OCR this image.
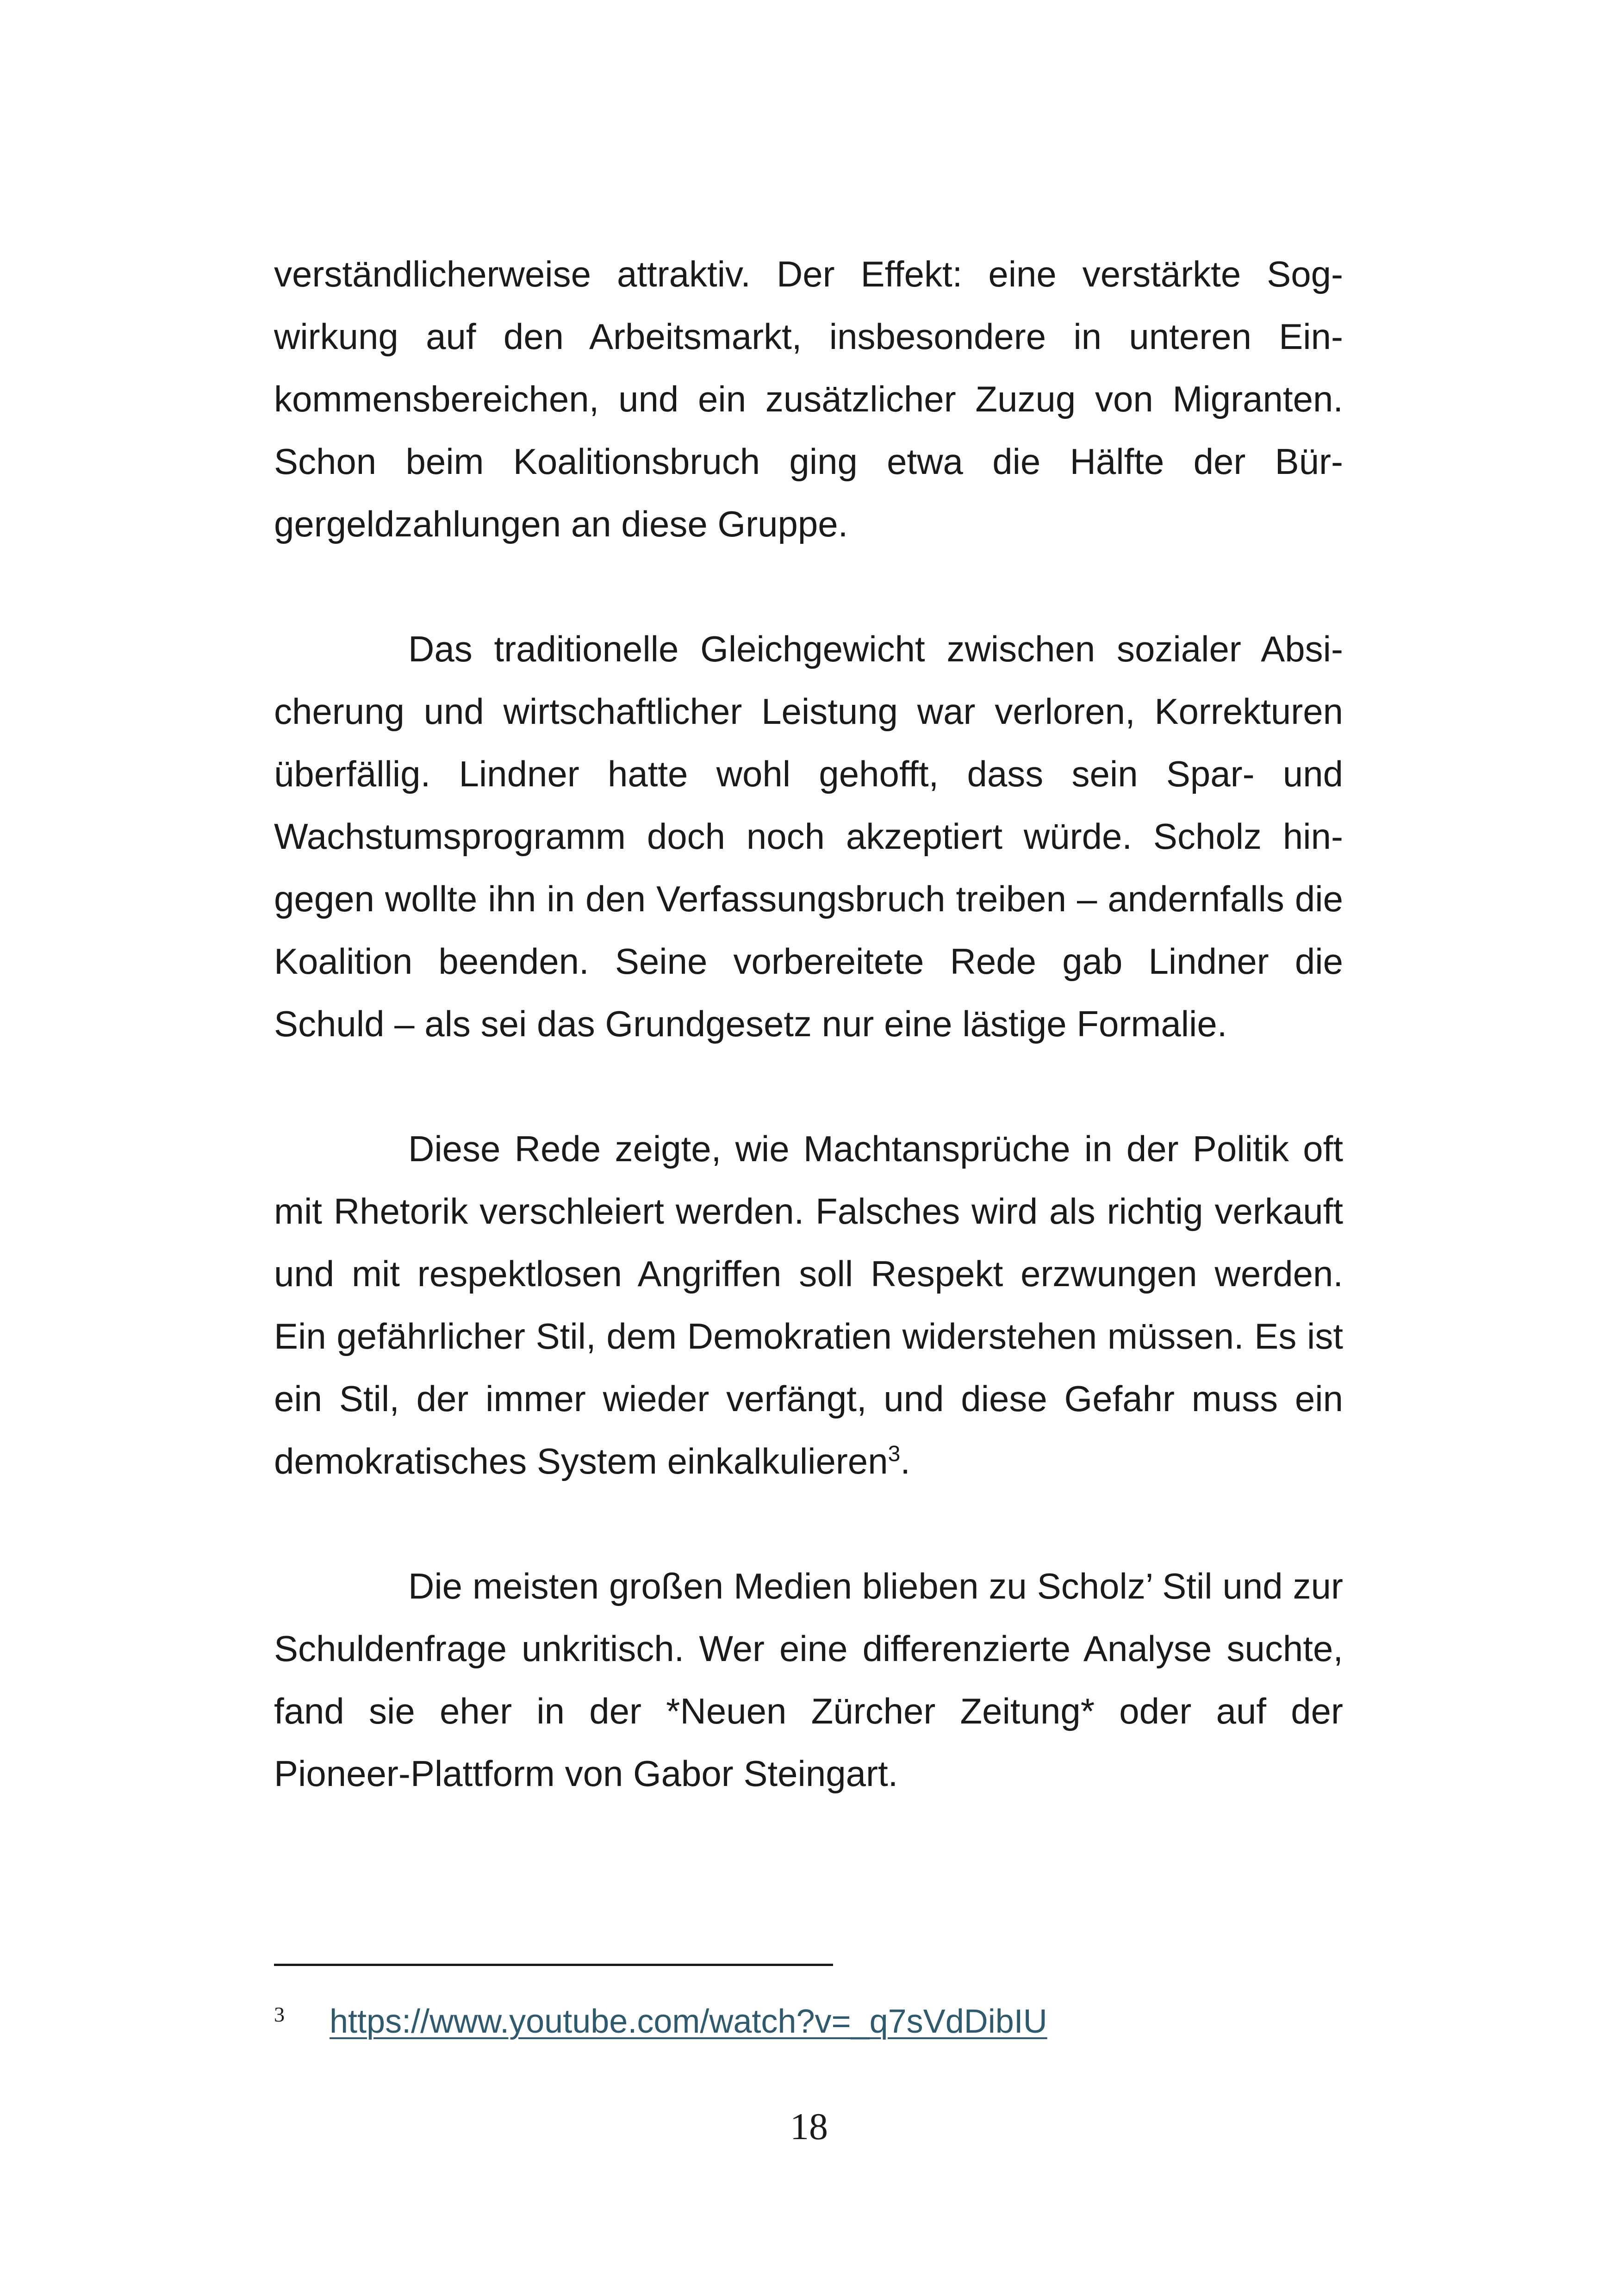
verständlicherweise attraktiv. Der Effekt: eine verstärkte Sogwirkung auf den Arbeitsmarkt, insbesondere in unteren Einkommensbereichen, und ein zusätzlicher Zuzug von Migranten. Schon beim Koalitionsbruch ging etwa die Hälfte der Bürgergeldzahlungen an diese Gruppe.

Das traditionelle Gleichgewicht zwischen sozialer Absicherung und wirtschaftlicher Leistung war verloren, Korrekturen überfällig. Lindner hatte wohl gehofft, dass sein Spar- und Wachstumsprogramm doch noch akzeptiert würde. Scholz hingegen wollte ihn in den Verfassungsbruch treiben – andernfalls die Koalition beenden. Seine vorbereitete Rede gab Lindner die Schuld – als sei das Grundgesetz nur eine lästige Formalie.

Diese Rede zeigte, wie Machtansprüche in der Politik oft mit Rhetorik verschleiert werden. Falsches wird als richtig verkauft und mit respektlosen Angriffen soll Respekt erzwungen werden. Ein gefährlicher Stil, dem Demokratien widerstehen müssen. Es ist ein Stil, der immer wieder verfängt, und diese Gefahr muss ein demokratisches System einkalkulieren$^3$.

Die meisten großen Medien blieben zu Scholz’ Stil und zur Schuldenfrage unkritisch. Wer eine differenzierte Analyse suchte, fand sie eher in der *Neuen Zürcher Zeitung* oder auf der Pioneer-Plattform von Gabor Steingart.

3 https://www.youtube.com/watch?v=_q7sVdDibIU
18
